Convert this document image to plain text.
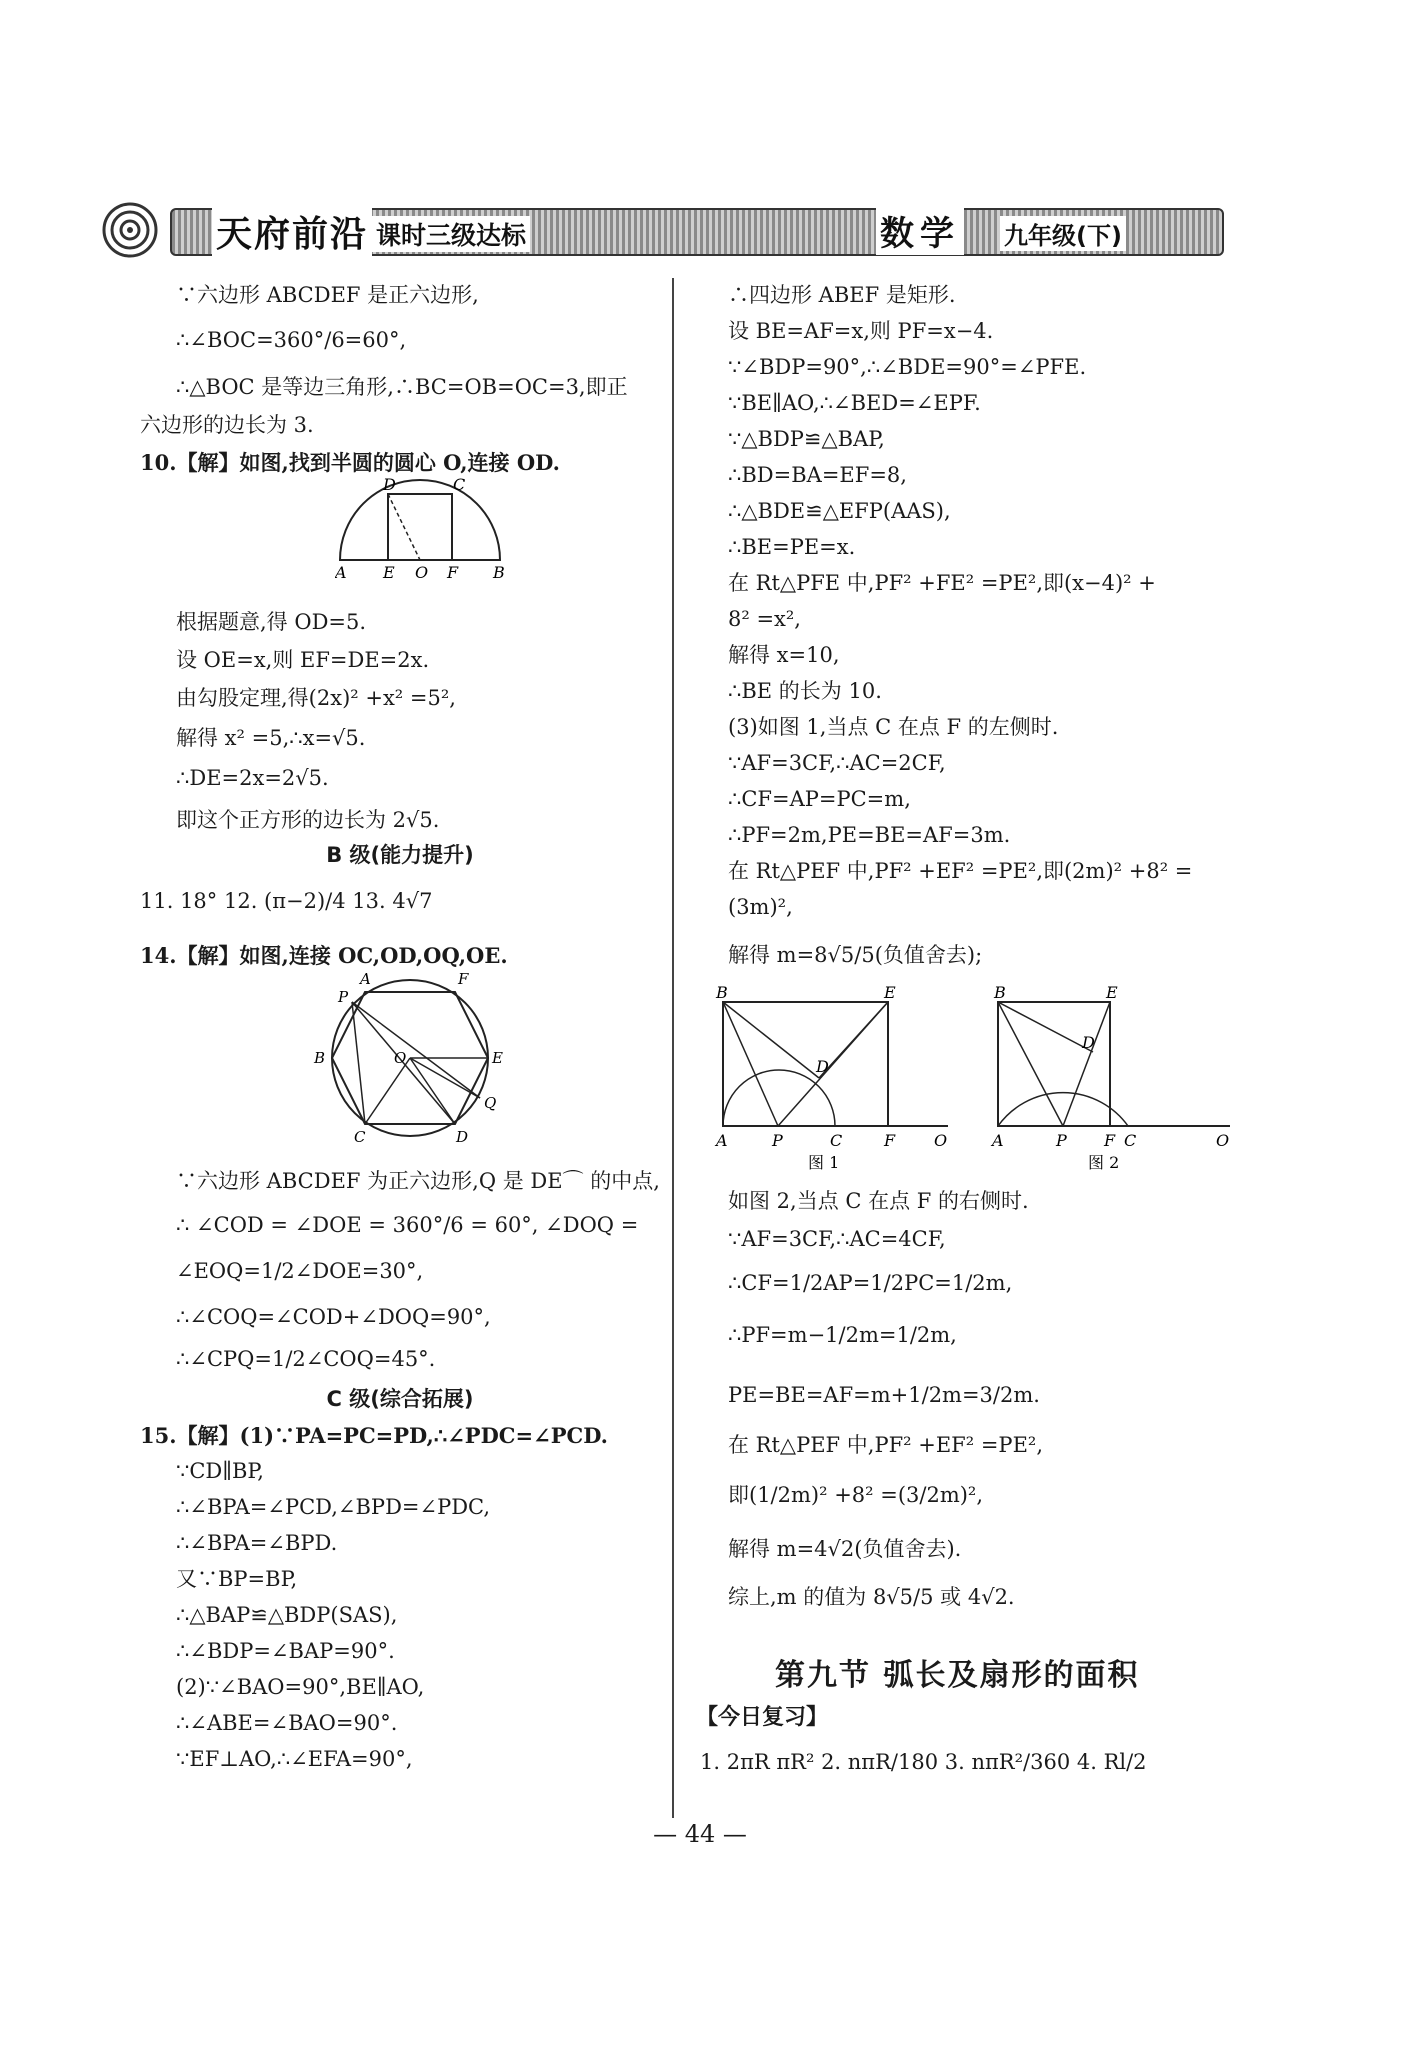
天府前沿 课时三级达标	数学 九年级(下)
∵六边形 ABCDEF 是正六边形,
∴∠BOC=360°/6=60°,
∴△BOC 是等边三角形,∴BC=OB=OC=3,即正
六边形的边长为 3.
10.【解】如图,找到半圆的圆心 O,连接 OD.
D	C
A E O F B
根据题意,得 OD=5.
设 OE=x,则 EF=DE=2x.
由勾股定理,得(2x)² +x² =5²,
解得 x² =5,∴x=√5.
∴DE=2x=2√5.
即这个正方形的边长为 2√5.
B 级(能力提升)
11. 18° 12. (π−2)/4 13. 4√7
14.【解】如图,连接 OC,OD,OQ,OE.
A	F
P
B	O	E
Q
C	D
∵六边形 ABCDEF 为正六边形,Q 是 DE⌒ 的中点,
∴ ∠COD = ∠DOE = 360°/6 = 60°, ∠DOQ =
∠EOQ=1/2∠DOE=30°,
∴∠COQ=∠COD+∠DOQ=90°,
∴∠CPQ=1/2∠COQ=45°.
C 级(综合拓展)
15.【解】(1)∵PA=PC=PD,∴∠PDC=∠PCD.
∵CD∥BP,
∴∠BPA=∠PCD,∠BPD=∠PDC,
∴∠BPA=∠BPD.
又∵BP=BP,
∴△BAP≌△BDP(SAS),
∴∠BDP=∠BAP=90°.
(2)∵∠BAO=90°,BE∥AO,
∴∠ABE=∠BAO=90°.
∵EF⊥AO,∴∠EFA=90°,
∴四边形 ABEF 是矩形.
设 BE=AF=x,则 PF=x−4.
∵∠BDP=90°,∴∠BDE=90°=∠PFE.
∵BE∥AO,∴∠BED=∠EPF.
∵△BDP≌△BAP,
∴BD=BA=EF=8,
∴△BDE≌△EFP(AAS),
∴BE=PE=x.
在 Rt△PFE 中,PF² +FE² =PE²,即(x−4)² +
8² =x²,
解得 x=10,
∴BE 的长为 10.
(3)如图 1,当点 C 在点 F 的左侧时.
∵AF=3CF,∴AC=2CF,
∴CF=AP=PC=m,
∴PF=2m,PE=BE=AF=3m.
在 Rt△PEF 中,PF² +EF² =PE²,即(2m)² +8² =
(3m)²,
解得 m=8√5/5(负值舍去);
B	E
D
A	P	C	F O
图 1
B	E
D
A	P F C	O
图 2
如图 2,当点 C 在点 F 的右侧时.
∵AF=3CF,∴AC=4CF,
∴CF=1/2AP=1/2PC=1/2m,
∴PF=m−1/2m=1/2m,
PE=BE=AF=m+1/2m=3/2m.
在 Rt△PEF 中,PF² +EF² =PE²,
即(1/2m)² +8² =(3/2m)²,
解得 m=4√2(负值舍去).
综上,m 的值为 8√5/5 或 4√2.
第九节 弧长及扇形的面积
【今日复习】
1. 2πR πR² 2. nπR/180 3. nπR²/360 4. Rl/2
— 44 —
